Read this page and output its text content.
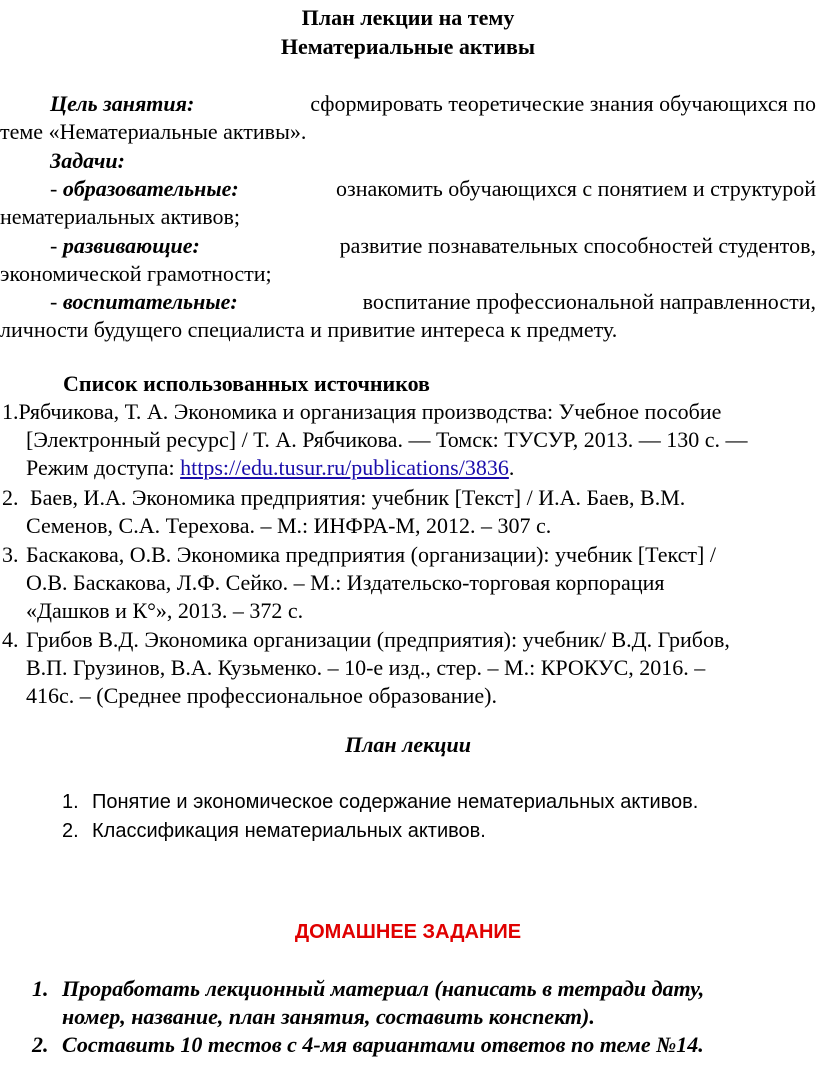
План лекции на тему
Нематериальные активы
Цель занятия:	сформировать теоретические знания обучающихся по
теме «Нематериальные активы».
Задачи:
- образовательные:	ознакомить обучающихся с понятием и структурой
нематериальных активов;
- развивающие:	развитие познавательных способностей студентов,
экономической грамотности;
- воспитательные:	воспитание профессиональной направленности,
личности будущего специалиста и привитие интереса к предмету.
Список использованных источников
1.Рябчикова, Т. А. Экономика и организация производства: Учебное пособие
[Электронный ресурс] / Т. А. Рябчикова. — Томск: ТУСУР, 2013. — 130 с. —
Режим доступа: https://edu.tusur.ru/publications/3836.
2. Баев, И.А. Экономика предприятия: учебник [Текст] / И.А. Баев, В.М.
Семенов, С.А. Терехова. – М.: ИНФРА-М, 2012. – 307 с.
3. Баскакова, О.В. Экономика предприятия (организации): учебник [Текст] /
О.В. Баскакова, Л.Ф. Сейко. – М.: Издательско-торговая корпорация
«Дашков и К°», 2013. – 372 с.
4. Грибов В.Д. Экономика организации (предприятия): учебник/ В.Д. Грибов,
В.П. Грузинов, В.А. Кузьменко. – 10-е изд., стер. – М.: КРОКУС, 2016. –
416с. – (Среднее профессиональное образование).
План лекции
1. Понятие и экономическое содержание нематериальных активов.
2. Классификация нематериальных активов.
ДОМАШНЕЕ ЗАДАНИЕ
1. Проработать лекционный материал (написать в тетради дату,
номер, название, план занятия, составить конспект).
2. Составить 10 тестов с 4-мя вариантами ответов по теме №14.
